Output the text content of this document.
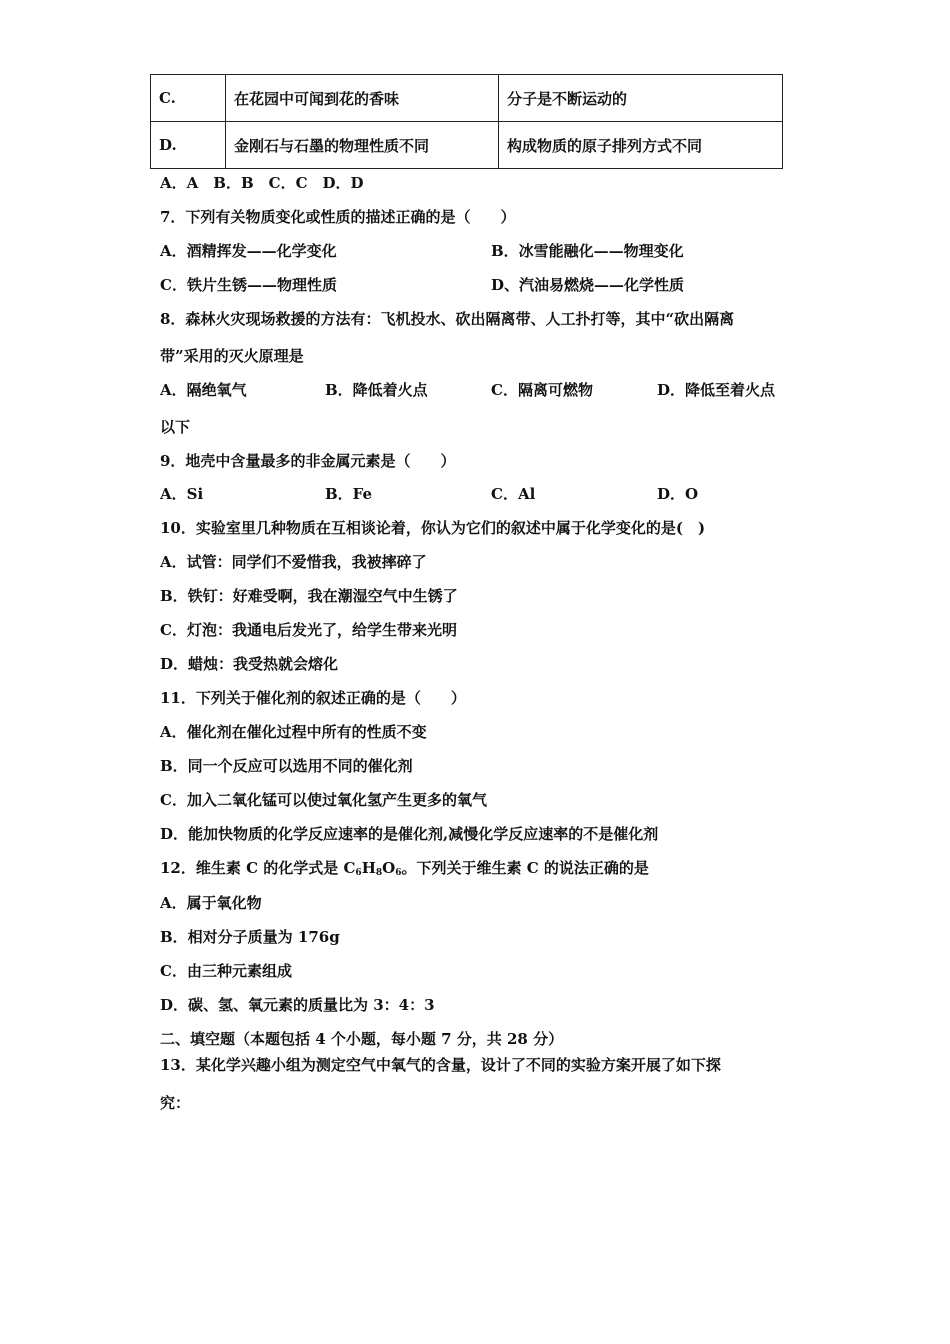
C.	在花园中可闻到花的香味	分子是不断运动的
D.	金刚石与石墨的物理性质不同	构成物质的原子排列方式不同
A．A　B．B　C．C　D．D
7．下列有关物质变化或性质的描述正确的是（　　）
A．酒精挥发——化学变化	B．冰雪能融化——物理变化
C．铁片生锈——物理性质	D、汽油易燃烧——化学性质
8．森林火灾现场救援的方法有：飞机投水、砍出隔离带、人工扑打等，其中“砍出隔离
带”采用的灭火原理是
A．隔绝氧气	B．降低着火点	C．隔离可燃物	D．降低至着火点
以下
9．地壳中含量最多的非金属元素是（　　）
A．Si	B．Fe	C．Al	D．O
10．实验室里几种物质在互相谈论着，你认为它们的叙述中属于化学变化的是(　)
A．试管：同学们不爱惜我，我被摔碎了
B．铁钉：好难受啊，我在潮湿空气中生锈了
C．灯泡：我通电后发光了，给学生带来光明
D．蜡烛：我受热就会熔化
11．下列关于催化剂的叙述正确的是（　　）
A．催化剂在催化过程中所有的性质不变
B．同一个反应可以选用不同的催化剂
C．加入二氧化锰可以使过氧化氢产生更多的氧气
D．能加快物质的化学反应速率的是催化剂,减慢化学反应速率的不是催化剂
12．维生素 C 的化学式是 $C_6H_8O_6$。下列关于维生素 C 的说法正确的是
A．属于氧化物
B．相对分子质量为 176g
C．由三种元素组成
D．碳、氢、氧元素的质量比为 3：4：3
二、填空题（本题包括 4 个小题，每小题 7 分，共 28 分）
13．某化学兴趣小组为测定空气中氧气的含量，设计了不同的实验方案开展了如下探
究：
